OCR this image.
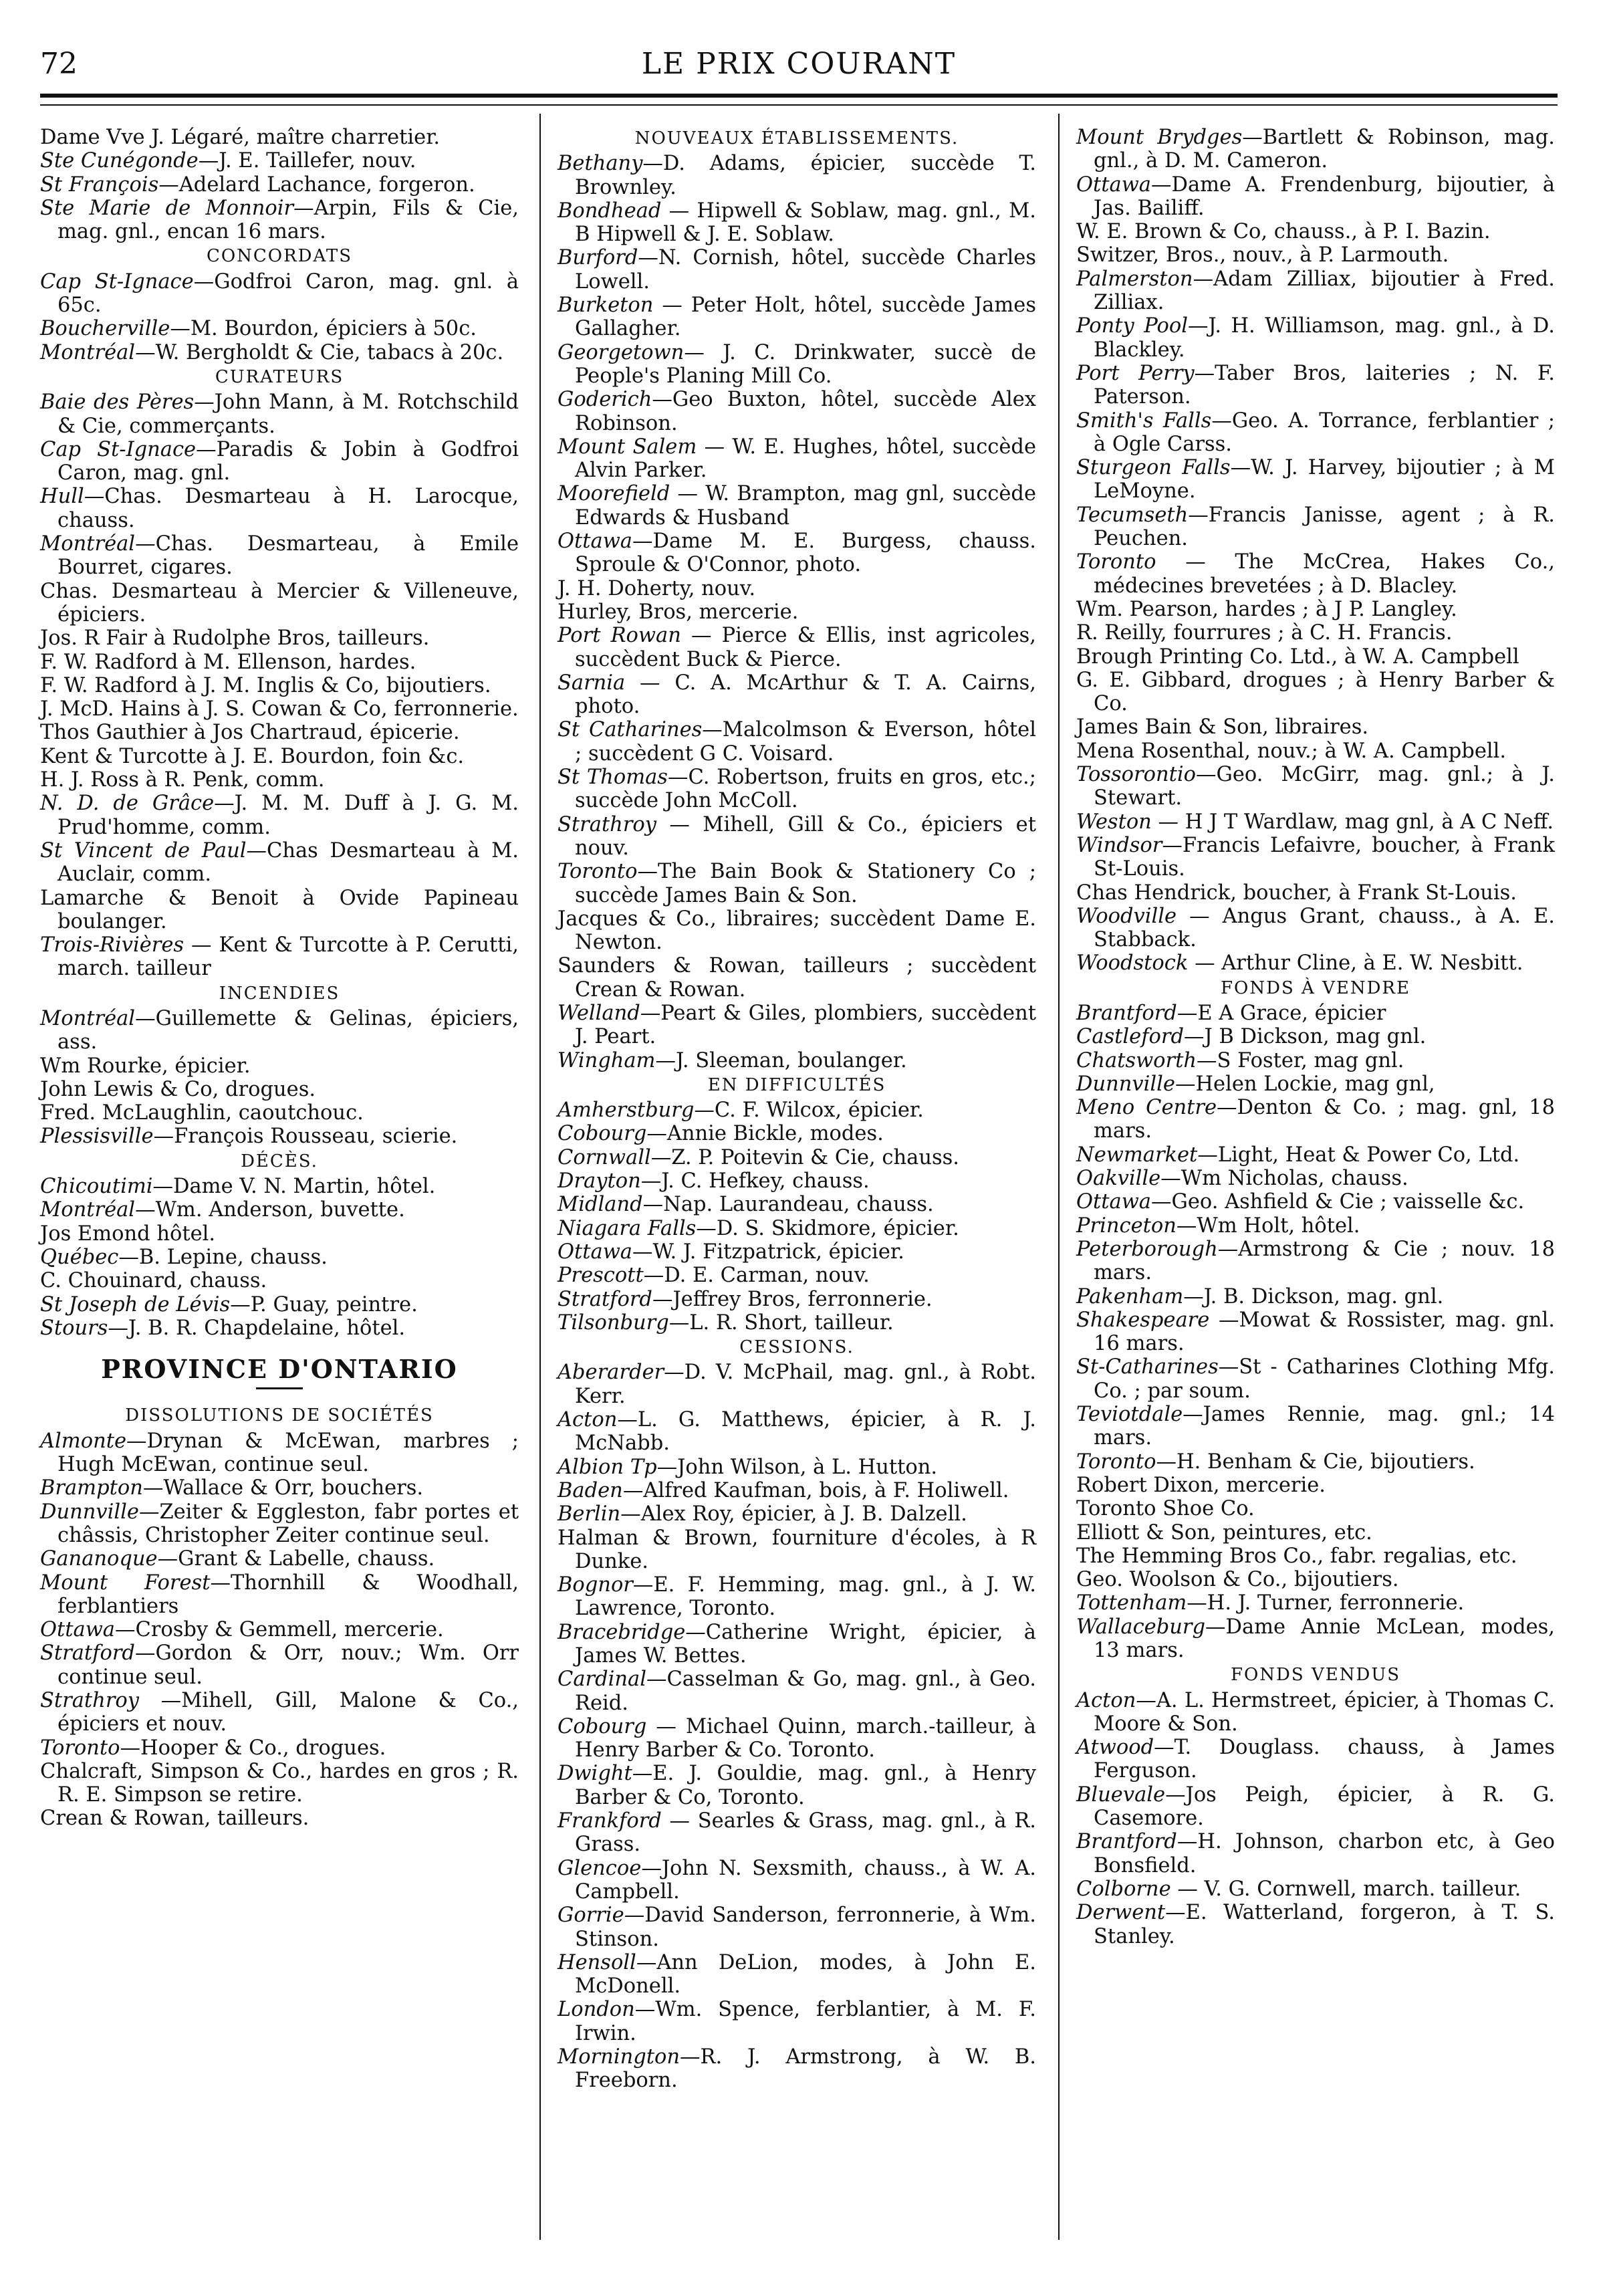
72	LE PRIX COURANT

Dame Vve J. Légaré, maître charretier.

Ste Cunégonde—J. E. Taillefer, nouv.

St François—Adelard Lachance, forgeron.

Ste Marie de Monnoir—Arpin, Fils & Cie, mag. gnl., encan 16 mars.

CONCORDATS

Cap St-Ignace—Godfroi Caron, mag. gnl. à 65c.

Boucherville—M. Bourdon, épiciers à 50c.

Montréal—W. Bergholdt & Cie, tabacs à 20c.

CURATEURS

Baie des Pères—John Mann, à M. Rotchschild & Cie, commerçants.

Cap St-Ignace—Paradis & Jobin à Godfroi Caron, mag. gnl.

Hull—Chas. Desmarteau à H. Larocque, chauss.

Montréal—Chas. Desmarteau, à Emile Bourret, cigares.

Chas. Desmarteau à Mercier & Villeneuve, épiciers.

Jos. R Fair à Rudolphe Bros, tailleurs.

F. W. Radford à M. Ellenson, hardes.

F. W. Radford à J. M. Inglis & Co, bijoutiers.

J. McD. Hains à J. S. Cowan & Co, ferronnerie.

Thos Gauthier à Jos Chartraud, épicerie.

Kent & Turcotte à J. E. Bourdon, foin &c.

H. J. Ross à R. Penk, comm.

N. D. de Grâce—J. M. M. Duff à J. G. M. Prud'homme, comm.

St Vincent de Paul—Chas Desmarteau à M. Auclair, comm.

Lamarche & Benoit à Ovide Papineau boulanger.

Trois-Rivières — Kent & Turcotte à P. Cerutti, march. tailleur

INCENDIES

Montréal—Guillemette & Gelinas, épiciers, ass.

Wm Rourke, épicier.

John Lewis & Co, drogues.

Fred. McLaughlin, caoutchouc.

Plessisville—François Rousseau, scierie.

DÉCÈS.

Chicoutimi—Dame V. N. Martin, hôtel.

Montréal—Wm. Anderson, buvette.

Jos Emond hôtel.

Québec—B. Lepine, chauss.

C. Chouinard, chauss.

St Joseph de Lévis—P. Guay, peintre.

Stours—J. B. R. Chapdelaine, hôtel.

PROVINCE D'ONTARIO

DISSOLUTIONS DE SOCIÉTÉS

Almonte—Drynan & McEwan, marbres ; Hugh McEwan, continue seul.

Brampton—Wallace & Orr, bouchers.

Dunnville—Zeiter & Eggleston, fabr portes et châssis, Christopher Zeiter continue seul.

Gananoque—Grant & Labelle, chauss.

Mount Forest—Thornhill & Woodhall, ferblantiers

Ottawa—Crosby & Gemmell, mercerie.

Stratford—Gordon & Orr, nouv.; Wm. Orr continue seul.

Strathroy —Mihell, Gill, Malone & Co., épiciers et nouv.

Toronto—Hooper & Co., drogues.

Chalcraft, Simpson & Co., hardes en gros ; R. R. E. Simpson se retire.

Crean & Rowan, tailleurs.

NOUVEAUX ÉTABLISSEMENTS.

Bethany—D. Adams, épicier, succède T. Brownley.

Bondhead — Hipwell & Soblaw, mag. gnl., M. B Hipwell & J. E. Soblaw.

Burford—N. Cornish, hôtel, succède Charles Lowell.

Burketon — Peter Holt, hôtel, succède James Gallagher.

Georgetown— J. C. Drinkwater, succè de People's Planing Mill Co.

Goderich—Geo Buxton, hôtel, succède Alex Robinson.

Mount Salem — W. E. Hughes, hôtel, succède Alvin Parker.

Moorefield — W. Brampton, mag gnl, succède Edwards & Husband

Ottawa—Dame M. E. Burgess, chauss. Sproule & O'Connor, photo.

J. H. Doherty, nouv.

Hurley, Bros, mercerie.

Port Rowan — Pierce & Ellis, inst agricoles, succèdent Buck & Pierce.

Sarnia — C. A. McArthur & T. A. Cairns, photo.

St Catharines—Malcolmson & Everson, hôtel ; succèdent G C. Voisard.

St Thomas—C. Robertson, fruits en gros, etc.; succède John McColl.

Strathroy — Mihell, Gill & Co., épiciers et nouv.

Toronto—The Bain Book & Stationery Co ; succède James Bain & Son.

Jacques & Co., libraires; succèdent Dame E. Newton.

Saunders & Rowan, tailleurs ; succèdent Crean & Rowan.

Welland—Peart & Giles, plombiers, succèdent J. Peart.

Wingham—J. Sleeman, boulanger.

EN DIFFICULTÉS

Amherstburg—C. F. Wilcox, épicier.

Cobourg—Annie Bickle, modes.

Cornwall—Z. P. Poitevin & Cie, chauss.

Drayton—J. C. Hefkey, chauss.

Midland—Nap. Laurandeau, chauss.

Niagara Falls—D. S. Skidmore, épicier.

Ottawa—W. J. Fitzpatrick, épicier.

Prescott—D. E. Carman, nouv.

Stratford—Jeffrey Bros, ferronnerie.

Tilsonburg—L. R. Short, tailleur.

CESSIONS.

Aberarder—D. V. McPhail, mag. gnl., à Robt. Kerr.

Acton—L. G. Matthews, épicier, à R. J. McNabb.

Albion Tp—John Wilson, à L. Hutton.

Baden—Alfred Kaufman, bois, à F. Holiwell.

Berlin—Alex Roy, épicier, à J. B. Dalzell.

Halman & Brown, fourniture d'écoles, à R Dunke.

Bognor—E. F. Hemming, mag. gnl., à J. W. Lawrence, Toronto.

Bracebridge—Catherine Wright, épicier, à James W. Bettes.

Cardinal—Casselman & Go, mag. gnl., à Geo. Reid.

Cobourg — Michael Quinn, march.-tailleur, à Henry Barber & Co. Toronto.

Dwight—E. J. Gouldie, mag. gnl., à Henry Barber & Co, Toronto.

Frankford — Searles & Grass, mag. gnl., à R. Grass.

Glencoe—John N. Sexsmith, chauss., à W. A. Campbell.

Gorrie—David Sanderson, ferronnerie, à Wm. Stinson.

Hensoll—Ann DeLion, modes, à John E. McDonell.

London—Wm. Spence, ferblantier, à M. F. Irwin.

Mornington—R. J. Armstrong, à W. B. Freeborn.

Mount Brydges—Bartlett & Robinson, mag. gnl., à D. M. Cameron.

Ottawa—Dame A. Frendenburg, bijoutier, à Jas. Bailiff.

W. E. Brown & Co, chauss., à P. I. Bazin.

Switzer, Bros., nouv., à P. Larmouth.

Palmerston—Adam Zilliax, bijoutier à Fred. Zilliax.

Ponty Pool—J. H. Williamson, mag. gnl., à D. Blackley.

Port Perry—Taber Bros, laiteries ; N. F. Paterson.

Smith's Falls—Geo. A. Torrance, ferblantier ; à Ogle Carss.

Sturgeon Falls—W. J. Harvey, bijoutier ; à M LeMoyne.

Tecumseth—Francis Janisse, agent ; à R. Peuchen.

Toronto — The McCrea, Hakes Co., médecines brevetées ; à D. Blacley.

Wm. Pearson, hardes ; à J P. Langley.

R. Reilly, fourrures ; à C. H. Francis.

Brough Printing Co. Ltd., à W. A. Campbell

G. E. Gibbard, drogues ; à Henry Barber & Co.

James Bain & Son, libraires.

Mena Rosenthal, nouv.; à W. A. Campbell.

Tossorontio—Geo. McGirr, mag. gnl.; à J. Stewart.

Weston — H J T Wardlaw, mag gnl, à A C Neff.

Windsor—Francis Lefaivre, boucher, à Frank St-Louis.

Chas Hendrick, boucher, à Frank St-Louis.

Woodville — Angus Grant, chauss., à A. E. Stabback.

Woodstock — Arthur Cline, à E. W. Nesbitt.

FONDS À VENDRE

Brantford—E A Grace, épicier

Castleford—J B Dickson, mag gnl.

Chatsworth—S Foster, mag gnl.

Dunnville—Helen Lockie, mag gnl,

Meno Centre—Denton & Co. ; mag. gnl, 18 mars.

Newmarket—Light, Heat & Power Co, Ltd.

Oakville—Wm Nicholas, chauss.

Ottawa—Geo. Ashfield & Cie ; vaisselle &c.

Princeton—Wm Holt, hôtel.

Peterborough—Armstrong & Cie ; nouv. 18 mars.

Pakenham—J. B. Dickson, mag. gnl.

Shakespeare —Mowat & Rossister, mag. gnl. 16 mars.

St-Catharines—St - Catharines Clothing Mfg. Co. ; par soum.

Teviotdale—James Rennie, mag. gnl.; 14 mars.

Toronto—H. Benham & Cie, bijoutiers.

Robert Dixon, mercerie.

Toronto Shoe Co.

Elliott & Son, peintures, etc.

The Hemming Bros Co., fabr. regalias, etc.

Geo. Woolson & Co., bijoutiers.

Tottenham—H. J. Turner, ferronnerie.

Wallaceburg—Dame Annie McLean, modes, 13 mars.

FONDS VENDUS

Acton—A. L. Hermstreet, épicier, à Thomas C. Moore & Son.

Atwood—T. Douglass. chauss, à James Ferguson.

Bluevale—Jos Peigh, épicier, à R. G. Casemore.

Brantford—H. Johnson, charbon etc, à Geo Bonsfield.

Colborne — V. G. Cornwell, march. tailleur.

Derwent—E. Watterland, forgeron, à T. S. Stanley.
